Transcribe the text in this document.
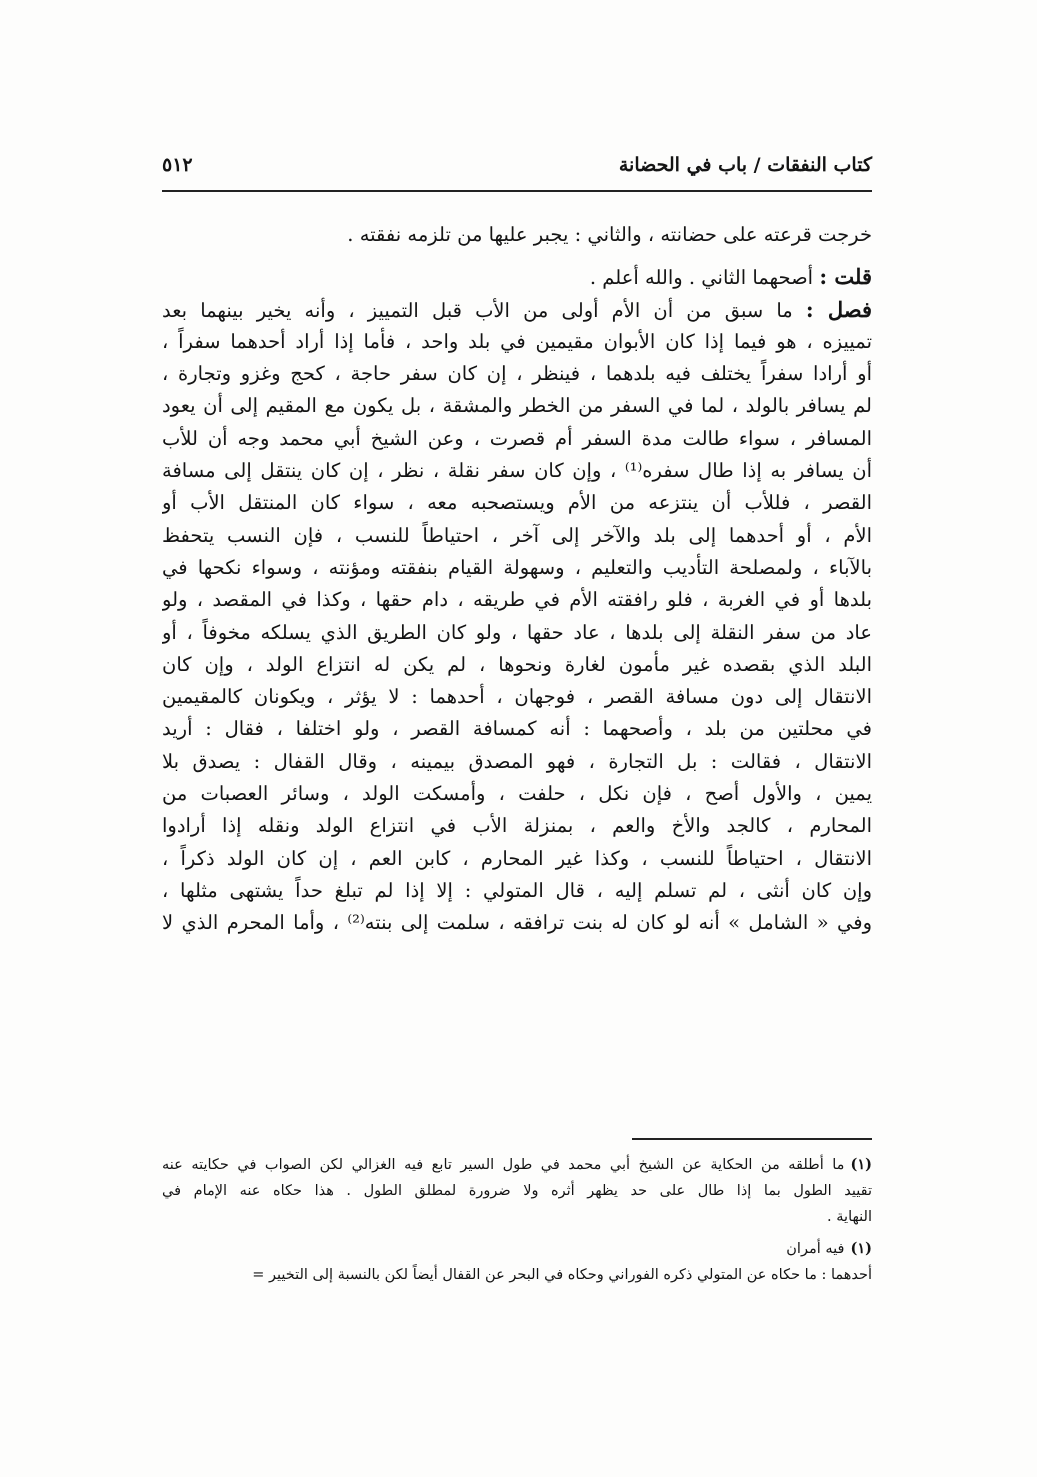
كتاب النفقات / باب في الحضانة
٥١٢
خرجت قرعته على حضانته ، والثاني : يجبر عليها من تلزمه نفقته .
قلت : أصحهما الثاني . والله أعلم .
فصل : ما سبق من أن الأم أولى من الأب قبل التمييز ، وأنه يخير بينهما بعد
تمييزه ، هو فيما إذا كان الأبوان مقيمين في بلد واحد ، فأما إذا أراد أحدهما سفراً ،
أو أرادا سفراً يختلف فيه بلدهما ، فينظر ، إن كان سفر حاجة ، كحج وغزو وتجارة ،
لم يسافر بالولد ، لما في السفر من الخطر والمشقة ، بل يكون مع المقيم إلى أن يعود
المسافر ، سواء طالت مدة السفر أم قصرت ، وعن الشيخ أبي محمد وجه أن للأب
أن يسافر به إذا طال سفره⁽¹⁾ ، وإن كان سفر نقلة ، نظر ، إن كان ينتقل إلى مسافة
القصر ، فللأب أن ينتزعه من الأم ويستصحبه معه ، سواء كان المنتقل الأب أو
الأم ، أو أحدهما إلى بلد والآخر إلى آخر ، احتياطاً للنسب ، فإن النسب يتحفظ
بالآباء ، ولمصلحة التأديب والتعليم ، وسهولة القيام بنفقته ومؤنته ، وسواء نكحها في
بلدها أو في الغربة ، فلو رافقته الأم في طريقه ، دام حقها ، وكذا في المقصد ، ولو
عاد من سفر النقلة إلى بلدها ، عاد حقها ، ولو كان الطريق الذي يسلكه مخوفاً ، أو
البلد الذي بقصده غير مأمون لغارة ونحوها ، لم يكن له انتزاع الولد ، وإن كان
الانتقال إلى دون مسافة القصر ، فوجهان ، أحدهما : لا يؤثر ، ويكونان كالمقيمين
في محلتين من بلد ، وأصحهما : أنه كمسافة القصر ، ولو اختلفا ، فقال : أريد
الانتقال ، فقالت : بل التجارة ، فهو المصدق بيمينه ، وقال القفال : يصدق بلا
يمين ، والأول أصح ، فإن نكل ، حلفت ، وأمسكت الولد ، وسائر العصبات من
المحارم ، كالجد والأخ والعم ، بمنزلة الأب في انتزاع الولد ونقله إذا أرادوا
الانتقال ، احتياطاً للنسب ، وكذا غير المحارم ، كابن العم ، إن كان الولد ذكراً ،
وإن كان أنثى ، لم تسلم إليه ، قال المتولي : إلا إذا لم تبلغ حداً يشتهى مثلها ،
وفي « الشامل » أنه لو كان له بنت ترافقه ، سلمت إلى بنته⁽²⁾ ، وأما المحرم الذي لا
(١)ما أطلقه من الحكاية عن الشيخ أبي محمد في طول السير تابع فيه الغزالي لكن الصواب في حكايته عنه
تقييد الطول بما إذا طال على حد يظهر أثره ولا ضرورة لمطلق الطول . هذا حكاه عنه الإمام في
النهاية .
(١)فيه أمران
أحدهما : ما حكاه عن المتولي ذكره الفوراني وحكاه في البحر عن القفال أيضاً لكن بالنسبة إلى التخيير =
